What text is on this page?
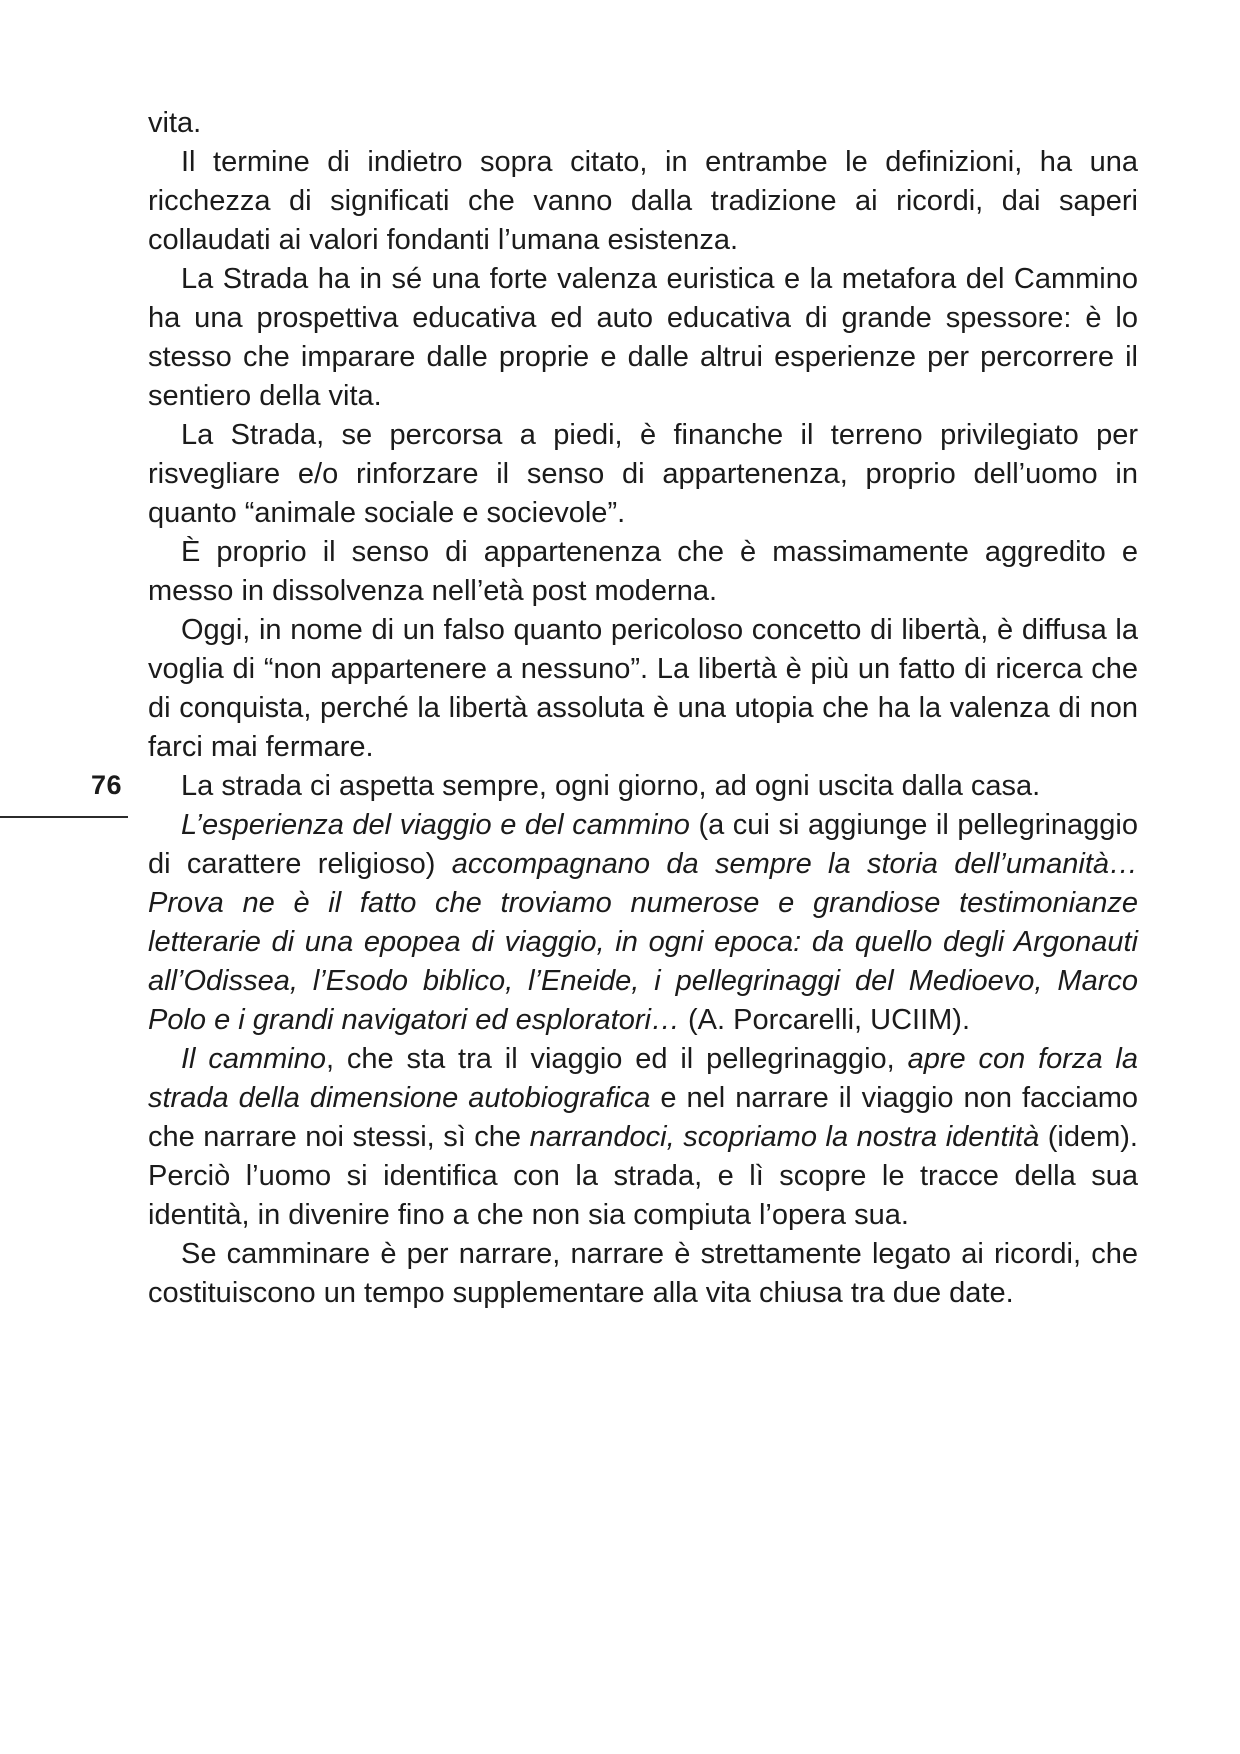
76

vita.

Il termine di indietro sopra citato, in entrambe le definizioni, ha una ricchezza di significati che vanno dalla tradizione ai ricordi, dai saperi collaudati ai valori fondanti l’umana esistenza.

La Strada ha in sé una forte valenza euristica e la metafora del Cammino ha una prospettiva educativa ed auto educativa di grande spessore: è lo stesso che imparare dalle proprie e dalle altrui esperienze per percorrere il sentiero della vita.

La Strada, se percorsa a piedi, è finanche il terreno privilegiato per risvegliare e/o rinforzare il senso di appartenenza, proprio dell’uomo in quanto “animale sociale e socievole”.

È proprio il senso di appartenenza che è massimamente aggredito e messo in dissolvenza nell’età post moderna.

Oggi, in nome di un falso quanto pericoloso concetto di libertà, è diffusa la voglia di “non appartenere a nessuno”. La libertà è più un fatto di ricerca che di conquista, perché la libertà assoluta è una utopia che ha la valenza di non farci mai fermare.

La strada ci aspetta sempre, ogni giorno, ad ogni uscita dalla casa.

L’esperienza del viaggio e del cammino (a cui si aggiunge il pellegrinaggio di carattere religioso) accompagnano da sempre la storia dell’umanità… Prova ne è il fatto che troviamo numerose e grandiose testimonianze letterarie di una epopea di viaggio, in ogni epoca: da quello degli Argonauti all’Odissea, l’Esodo biblico, l’Eneide, i pellegrinaggi del Medioevo, Marco Polo e i grandi navigatori ed esploratori… (A. Porcarelli, UCIIM).

Il cammino, che sta tra il viaggio ed il pellegrinaggio, apre con forza la strada della dimensione autobiografica e nel narrare il viaggio non facciamo che narrare noi stessi, sì che narrandoci, scopriamo la nostra identità (idem). Perciò l’uomo si identifica con la strada, e lì scopre le tracce della sua identità, in divenire fino a che non sia compiuta l’opera sua.

Se camminare è per narrare, narrare è strettamente legato ai ricordi, che costituiscono un tempo supplementare alla vita chiusa tra due date.
